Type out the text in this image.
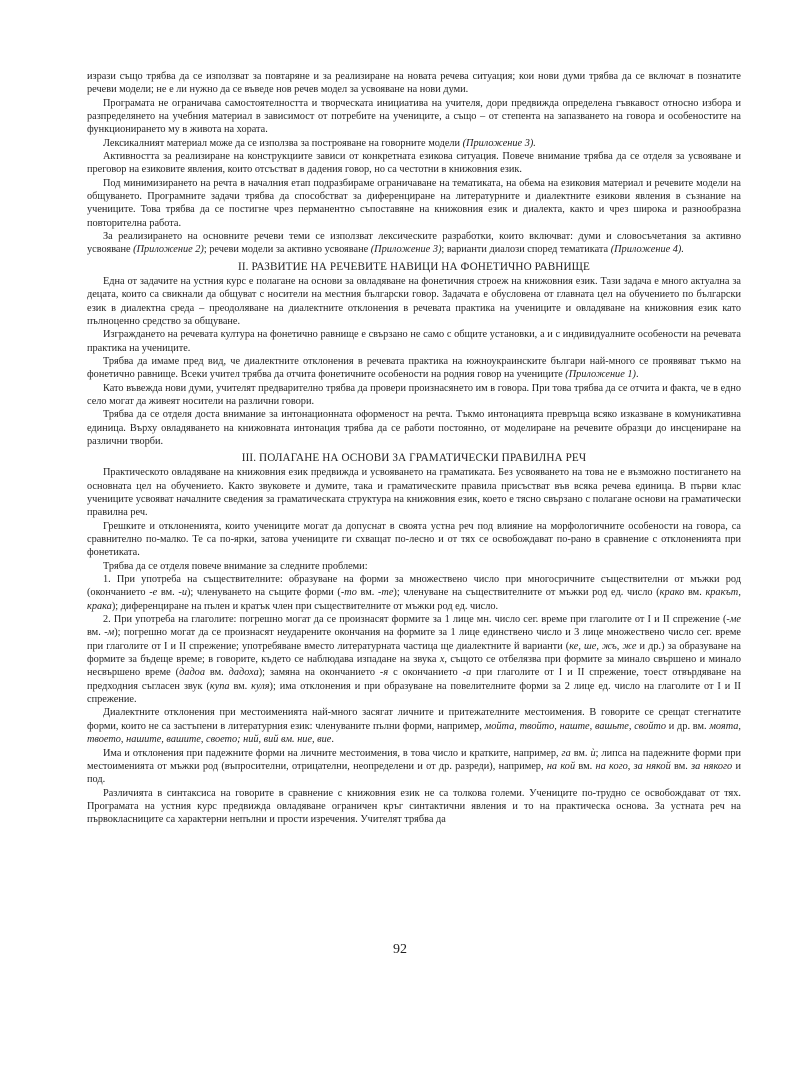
изрази също трябва да се използват за повтаряне и за реализиране на новата речева ситуация; кои нови думи трябва да се включат в познатите речеви модели; не е ли нужно да се въведе нов речев модел за усвояване на нови думи.

Програмата не ограничава самостоятелността и творческата инициатива на учителя, дори предвижда определена гъвкавост относно избора и разпределянето на учебния материал в зависимост от потребите на учениците, а също – от степента на запазването на говора и особеностите на функционирането му в живота на хората.

Лексикалният материал може да се използва за построяване на говорните модели (Приложение 3).

Активността за реализиране на конструкциите зависи от конкретната езикова ситуация. Повече внимание трябва да се отделя за усвояване и преговор на езиковите явления, които отсъстват в дадения говор, но са честотни в книжовния език.

Под минимизирането на речта в началния етап подразбираме ограничаване на тематиката, на обема на езиковия материал и речевите модели на общуването. Програмните задачи трябва да способстват за диференциране на литературните и диалектните езикови явления в съзнание на учениците. Това трябва да се постигне чрез перманентно съпоставяне на книжовния език и диалекта, както и чрез широка и разнообразна повторителна работа.

За реализирането на основните речеви теми се използват лексическите разработки, които включват: думи и словосъчетания за активно усвояване (Приложение 2); речеви модели за активно усвояване (Приложение 3); варианти диалози според тематиката (Приложение 4).

II. РАЗВИТИЕ НА РЕЧЕВИТЕ НАВИЦИ НА ФОНЕТИЧНО РАВНИЩЕ

Една от задачите на устния курс е полагане на основи за овладяване на фонетичния строеж на книжовния език. Тази задача е много актуална за децата, които са свикнали да общуват с носители на местния български говор. Задачата е обусловена от главната цел на обучението по български език в диалектна среда – преодоляване на диалектните отклонения в речевата практика на учениците и овладяване на книжовния език като пълноценно средство за общуване.

Изграждането на речевата култура на фонетично равнище е свързано не само с общите установки, а и с индивидуалните особености на речевата практика на учениците.

Трябва да имаме пред вид, че диалектните отклонения в речевата практика на южноукраинските българи най-много се проявяват тъкмо на фонетично равнище. Всеки учител трябва да отчита фонетичните особености на родния говор на учениците (Приложение 1).

Като въвежда нови думи, учителят предварително трябва да провери произнасянето им в говора. При това трябва да се отчита и факта, че в едно село могат да живеят носители на различни говори.

Трябва да се отделя доста внимание за интонационната оформеност на речта. Тъкмо интонацията превръща всяко изказване в комуникативна единица. Върху овладяването на книжовната интонация трябва да се работи постоянно, от моделиране на речевите образци до инсцениране на различни творби.

III. ПОЛАГАНЕ НА ОСНОВИ ЗА ГРАМАТИЧЕСКИ ПРАВИЛНА РЕЧ

Практическото овладяване на книжовния език предвижда и усвояването на граматиката. Без усвояването на това не е възможно постигането на основната цел на обучението. Както звуковете и думите, така и граматическите правила присъстват във всяка речева единица. В първи клас учениците усвояват началните сведения за граматическата структура на книжовния език, което е тясно свързано с полагане основи на граматически правилна реч.

Грешките и отклоненията, които учениците могат да допуснат в своята устна реч под влияние на морфологичните особености на говора, са сравнително по-малко. Те са по-ярки, затова учениците ги схващат по-лесно и от тях се освобождават по-рано в сравнение с отклоненията при фонетиката.

Трябва да се отделя повече внимание за следните проблеми:

1. При употреба на съществителните: образуване на форми за множествено число при многосричните съществителни от мъжки род (окончанието -е вм. -и); членуването на същите форми (-то вм. -те); членуване на съществителните от мъжки род ед. число (крако вм. кракът, крака); диференциране на пълен и кратък член при съществителните от мъжки род ед. число.

2. При употреба на глаголите: погрешно могат да се произнасят формите за 1 лице мн. число сег. време при глаголите от I и II спрежение (-ме вм. -м); погрешно могат да се произнасят неударените окончания на формите за 1 лице единствено число и 3 лице множествено число сег. време при глаголите от I и II спрежение; употребяване вместо литературната частица ще диалектните й варианти (ке, ше, жъ, же и др.) за образуване на формите за бъдеще време; в говорите, където се наблюдава изпадане на звука х, същото се отбелязва при формите за минало свършено и минало несвършено време (дадоа вм. дадоха); замяна на окончанието -я с окончанието -а при глаголите от I и II спрежение, тоест отвърдяване на предходния съгласен звук (купа вм. куля); има отклонения и при образуване на повелителните форми за 2 лице ед. число на глаголите от I и II спрежение.

Диалектните отклонения при местоименията най-много засягат личните и притежателните местоимения. В говорите се срещат стегнатите форми, които не са застъпени в литературния език: членуваните пълни форми, например, мойта, твойто, наште, вашьте, свойто и др. вм. моята, твоето, нашите, вашите, своето; ний, вий вм. ние, вие.

Има и отклонения при падежните форми на личните местоимения, в това число и кратките, например, га вм. ѝ; липса на падежните форми при местоименията от мъжки род (въпросителни, отрицателни, неопределени и от др. разреди), например, на кой вм. на кого, за някой вм. за някого и под.

Различията в синтаксиса на говорите в сравнение с книжовния език не са толкова големи. Учениците по-трудно се освобождават от тях. Програмата на устния курс предвижда овладяване ограничен кръг синтактични явления и то на практическа основа. За устната реч на първокласниците са характерни непълни и прости изречения. Учителят трябва да

92
